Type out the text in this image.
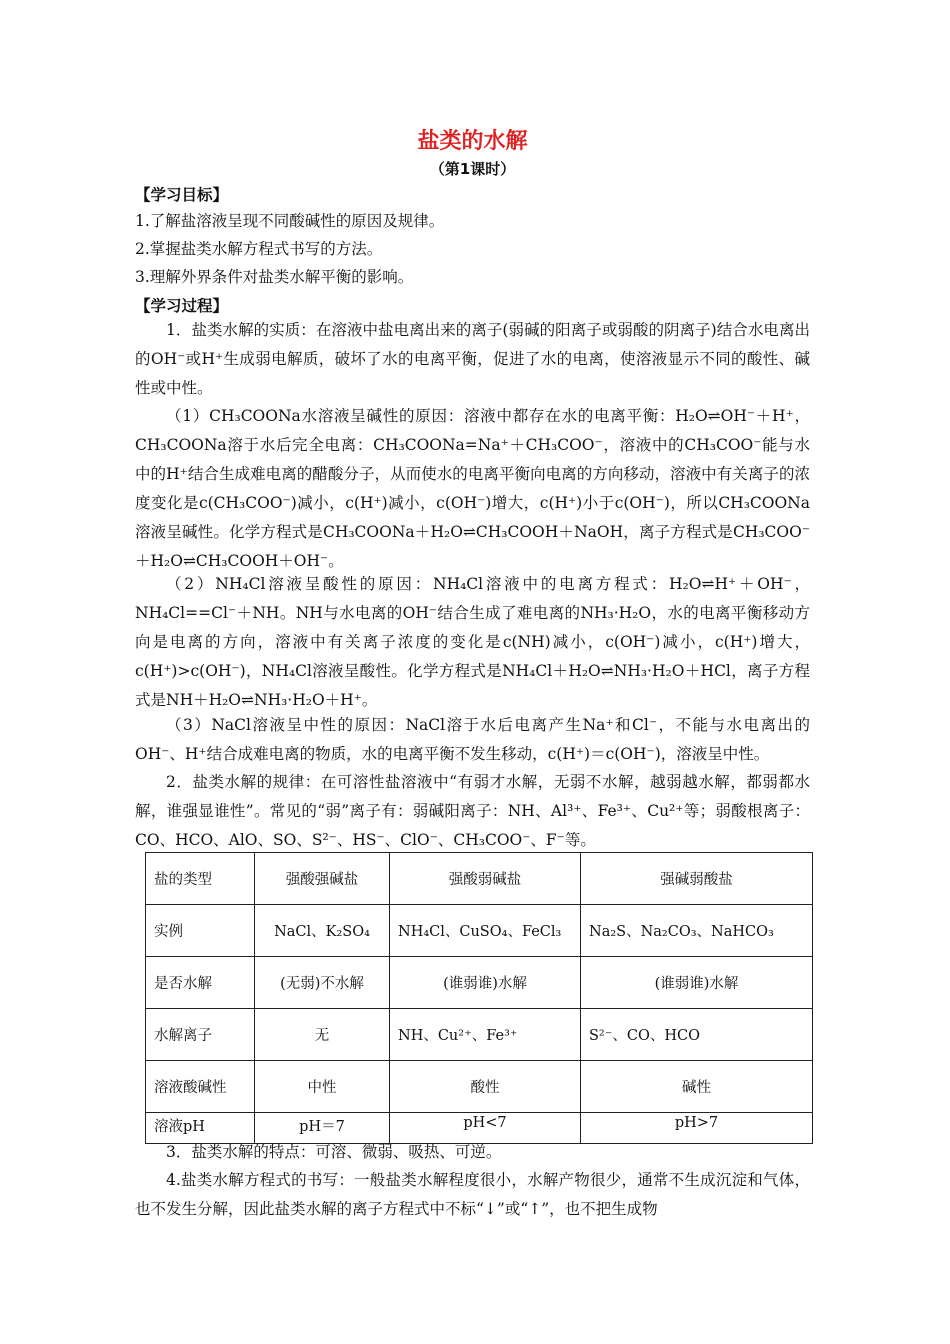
盐类的水解
（第1课时）
【学习目标】
1.了解盐溶液呈现不同酸碱性的原因及规律。
2.掌握盐类水解方程式书写的方法。
3.理解外界条件对盐类水解平衡的影响。
【学习过程】
1．盐类水解的实质：在溶液中盐电离出来的离子(弱碱的阳离子或弱酸的阴离子)结合水电离出的OH⁻或H⁺生成弱电解质，破坏了水的电离平衡，促进了水的电离，使溶液显示不同的酸性、碱性或中性。
（1）CH₃COONa水溶液呈碱性的原因：溶液中都存在水的电离平衡：H₂O⇌OH⁻＋H⁺，CH₃COONa溶于水后完全电离：CH₃COONa=Na⁺＋CH₃COO⁻，溶液中的CH₃COO⁻能与水中的H⁺结合生成难电离的醋酸分子，从而使水的电离平衡向电离的方向移动，溶液中有关离子的浓度变化是c(CH₃COO⁻)减小，c(H⁺)减小，c(OH⁻)增大，c(H⁺)小于c(OH⁻)，所以CH₃COONa溶液呈碱性。化学方程式是CH₃COONa＋H₂O⇌CH₃COOH＋NaOH，离子方程式是CH₃COO⁻＋H₂O⇌CH₃COOH＋OH⁻。
（2）NH₄Cl溶液呈酸性的原因：NH₄Cl溶液中的电离方程式：H₂O⇌H⁺＋OH⁻，NH₄Cl==Cl⁻＋NH。NH与水电离的OH⁻结合生成了难电离的NH₃·H₂O，水的电离平衡移动方向是电离的方向，溶液中有关离子浓度的变化是c(NH)减小，c(OH⁻)减小，c(H⁺)增大，c(H⁺)>c(OH⁻)，NH₄Cl溶液呈酸性。化学方程式是NH₄Cl＋H₂O⇌NH₃·H₂O＋HCl，离子方程式是NH＋H₂O⇌NH₃·H₂O＋H⁺。
（3）NaCl溶液呈中性的原因：NaCl溶于水后电离产生Na⁺和Cl⁻，不能与水电离出的OH⁻、H⁺结合成难电离的物质，水的电离平衡不发生移动，c(H⁺)＝c(OH⁻)，溶液呈中性。
2．盐类水解的规律：在可溶性盐溶液中“有弱才水解，无弱不水解，越弱越水解，都弱都水解，谁强显谁性”。常见的“弱”离子有：弱碱阳离子：NH、Al³⁺、Fe³⁺、Cu²⁺等；弱酸根离子：CO、HCO、AlO、SO、S²⁻、HS⁻、ClO⁻、CH₃COO⁻、F⁻等。
盐的类型	强酸强碱盐	强酸弱碱盐	强碱弱酸盐
实例	NaCl、K₂SO₄	NH₄Cl、CuSO₄、FeCl₃	Na₂S、Na₂CO₃、NaHCO₃
是否水解	(无弱)不水解	(谁弱谁)水解	(谁弱谁)水解
水解离子	无	NH、Cu²⁺、Fe³⁺	S²⁻、CO、HCO
溶液酸碱性	中性	酸性	碱性
溶液pH	pH＝7	pH<7	pH>7
3．盐类水解的特点：可溶、微弱、吸热、可逆。
4.盐类水解方程式的书写：一般盐类水解程度很小，水解产物很少，通常不生成沉淀和气体，也不发生分解，因此盐类水解的离子方程式中不标“↓”或“↑”，也不把生成物
